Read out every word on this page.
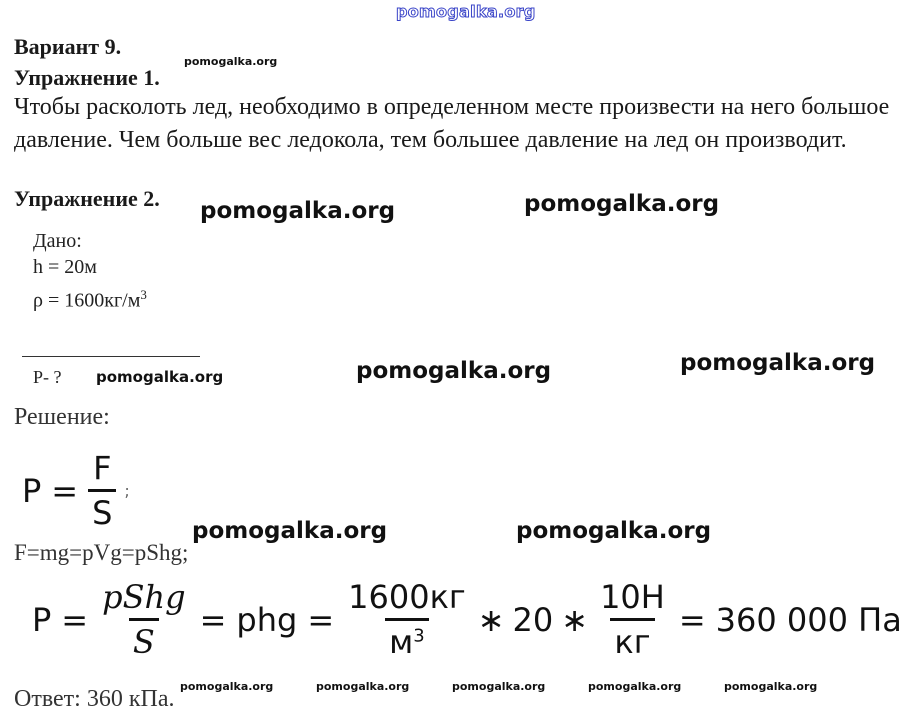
pomogalka.org
pomogalka.org
pomogalka.org	pomogalka.org
pomogalka.org	pomogalka.org	pomogalka.org
pomogalka.org	pomogalka.org
pomogalka.org	pomogalka.org	pomogalka.org	pomogalka.org	pomogalka.org
Вариант 9.
Упражнение 1.
Чтобы расколоть лед, необходимо в определенном месте произвести на него большое давление. Чем больше вес ледокола, тем большее давление на лед он производит.
Упражнение 2.
Дано:
h = 20м
$\rho = 1600кг/м^3$
P- ?
Решение:
$P = \frac{F}{S}$ ;
F=mg=pVg=pShg;
$P = \frac{\text{pShg}}{S}$ = phg = $\frac{1600кг}{м^3}$ ∗ 20 ∗ $\frac{10Н}{кг} = 360$ 000 Па
Ответ: 360 кПа.
